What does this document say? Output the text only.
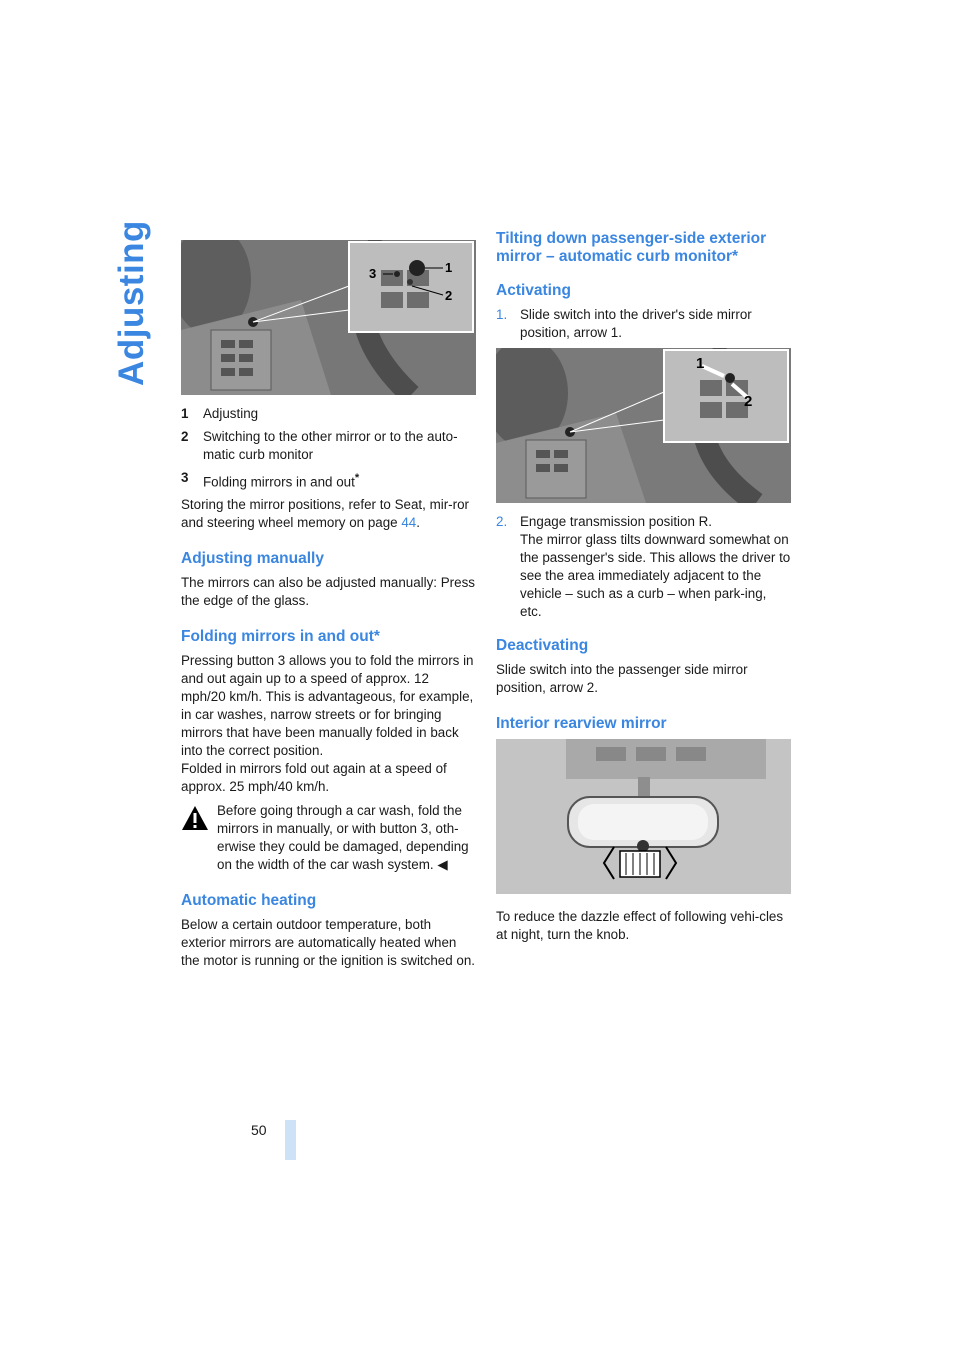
Adjusting	1
2
3
1	Adjusting
2	Switching to the other mirror or to the auto-matic curb monitor
3	Folding mirrors in and out*

Storing the mirror positions, refer to Seat, mir-ror and steering wheel memory on page 44.

Adjusting manually

The mirrors can also be adjusted manually: Press the edge of the glass.

Folding mirrors in and out*

Pressing button 3 allows you to fold the mirrors in and out again up to a speed of approx. 12 mph/20 km/h. This is advantageous, for example, in car washes, narrow streets or for bringing mirrors that have been manually folded in back into the correct position.

Folded in mirrors fold out again at a speed of approx. 25 mph/40 km/h.

Before going through a car wash, fold the mirrors in manually, or with button 3, oth-erwise they could be damaged, depending on the width of the car wash system. ◀

Automatic heating

Below a certain outdoor temperature, both exterior mirrors are automatically heated when the motor is running or the ignition is switched on.

Tilting down passenger-side exterior mirror – automatic curb monitor*
Activating
1. Slide switch into the driver's side mirror position, arrow 1.
1
2
2. Engage transmission position R.
The mirror glass tilts downward somewhat on the passenger's side. This allows the driver to see the area immediately adjacent to the vehicle – such as a curb – when park-ing, etc.
Deactivating

Slide switch into the passenger side mirror position, arrow 2.

Interior rearview mirror

To reduce the dazzle effect of following vehi-cles at night, turn the knob.

50
